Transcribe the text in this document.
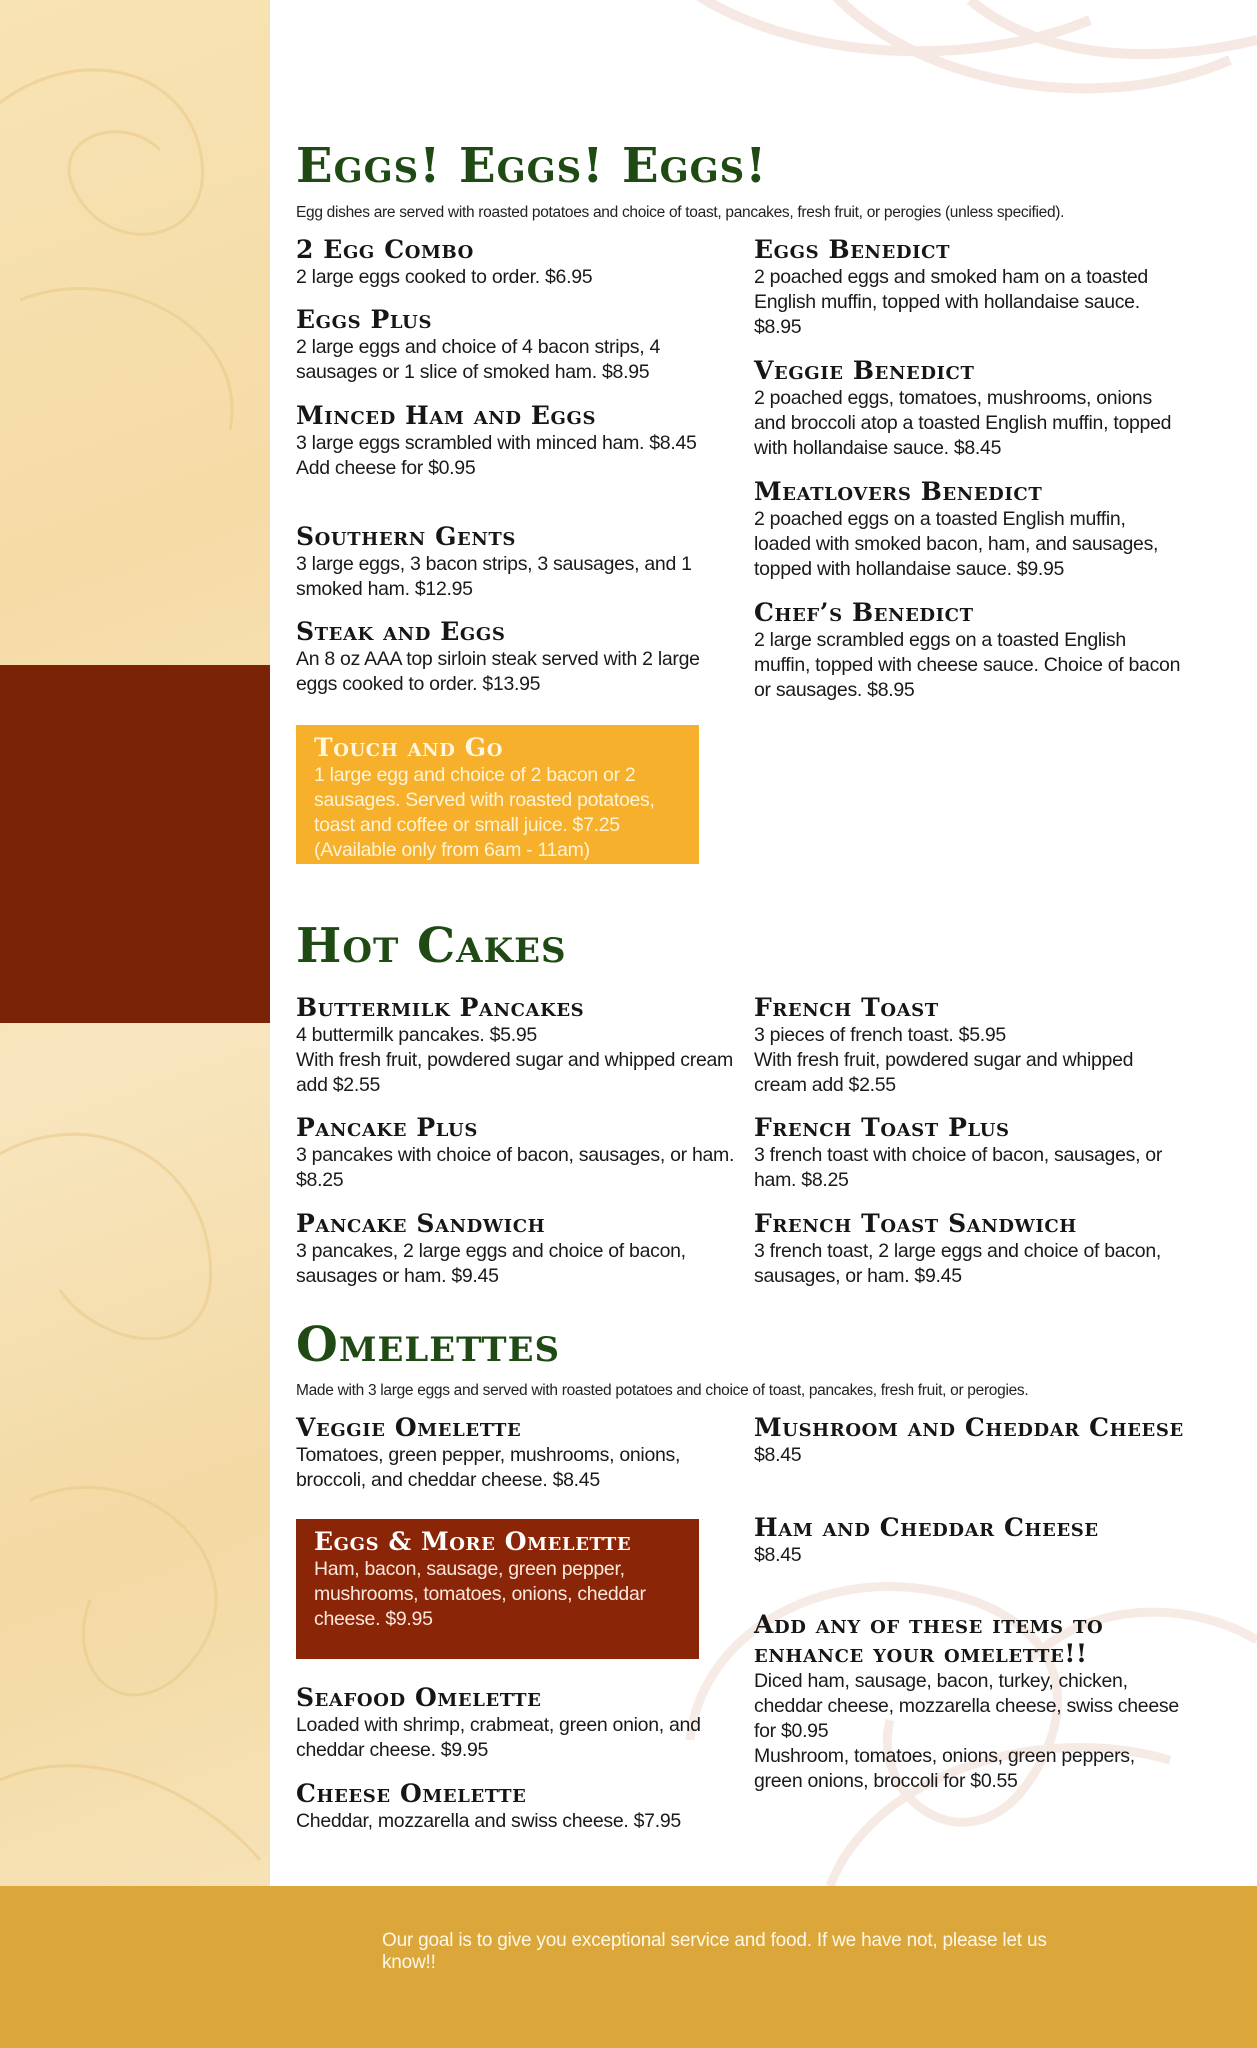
Eggs! Eggs! Eggs!
Egg dishes are served with roasted potatoes and choice of toast, pancakes, fresh fruit, or perogies (unless specified).
2 Egg Combo
2 large eggs cooked to order. $6.95
Eggs Plus
2 large eggs and choice of 4 bacon strips, 4 sausages or 1 slice of smoked ham. $8.95
Minced Ham and Eggs
3 large eggs scrambled with minced ham. $8.45
Add cheese for $0.95
Southern Gents
3 large eggs, 3 bacon strips, 3 sausages, and 1 smoked ham. $12.95
Steak and Eggs
An 8 oz AAA top sirloin steak served with 2 large eggs cooked to order. $13.95
Eggs Benedict
2 poached eggs and smoked ham on a toasted English muffin, topped with hollandaise sauce. $8.95
Veggie Benedict
2 poached eggs, tomatoes, mushrooms, onions and broccoli atop a toasted English muffin, topped with hollandaise sauce. $8.45
Meatlovers Benedict
2 poached eggs on a toasted English muffin, loaded with smoked bacon, ham, and sausages, topped with hollandaise sauce. $9.95
Chef’s Benedict
2 large scrambled eggs on a toasted English muffin, topped with cheese sauce. Choice of bacon or sausages. $8.95
Touch and Go
1 large egg and choice of 2 bacon or 2 sausages. Served with roasted potatoes, toast and coffee or small juice. $7.25 (Available only from 6am - 11am)
Hot Cakes
Buttermilk Pancakes
4 buttermilk pancakes. $5.95
With fresh fruit, powdered sugar and whipped cream add $2.55
Pancake Plus
3 pancakes with choice of bacon, sausages, or ham. $8.25
Pancake Sandwich
3 pancakes, 2 large eggs and choice of bacon, sausages or ham. $9.45
French Toast
3 pieces of french toast. $5.95
With fresh fruit, powdered sugar and whipped cream add $2.55
French Toast Plus
3 french toast with choice of bacon, sausages, or ham. $8.25
French Toast Sandwich
3 french toast, 2 large eggs and choice of bacon, sausages, or ham. $9.45
Omelettes
Made with 3 large eggs and served with roasted potatoes and choice of toast, pancakes, fresh fruit, or perogies.
Veggie Omelette
Tomatoes, green pepper, mushrooms, onions, broccoli, and cheddar cheese. $8.45
Eggs & More Omelette
Ham, bacon, sausage, green pepper, mushrooms, tomatoes, onions, cheddar cheese. $9.95
Seafood Omelette
Loaded with shrimp, crabmeat, green onion, and cheddar cheese. $9.95
Cheese Omelette
Cheddar, mozzarella and swiss cheese. $7.95
Mushroom and Cheddar Cheese
$8.45
Ham and Cheddar Cheese
$8.45
Add any of these items to enhance your omelette!!
Diced ham, sausage, bacon, turkey, chicken, cheddar cheese, mozzarella cheese, swiss cheese for $0.95
Mushroom, tomatoes, onions, green peppers, green onions, broccoli for $0.55
Our goal is to give you exceptional service and food. If we have not, please let us know!!
